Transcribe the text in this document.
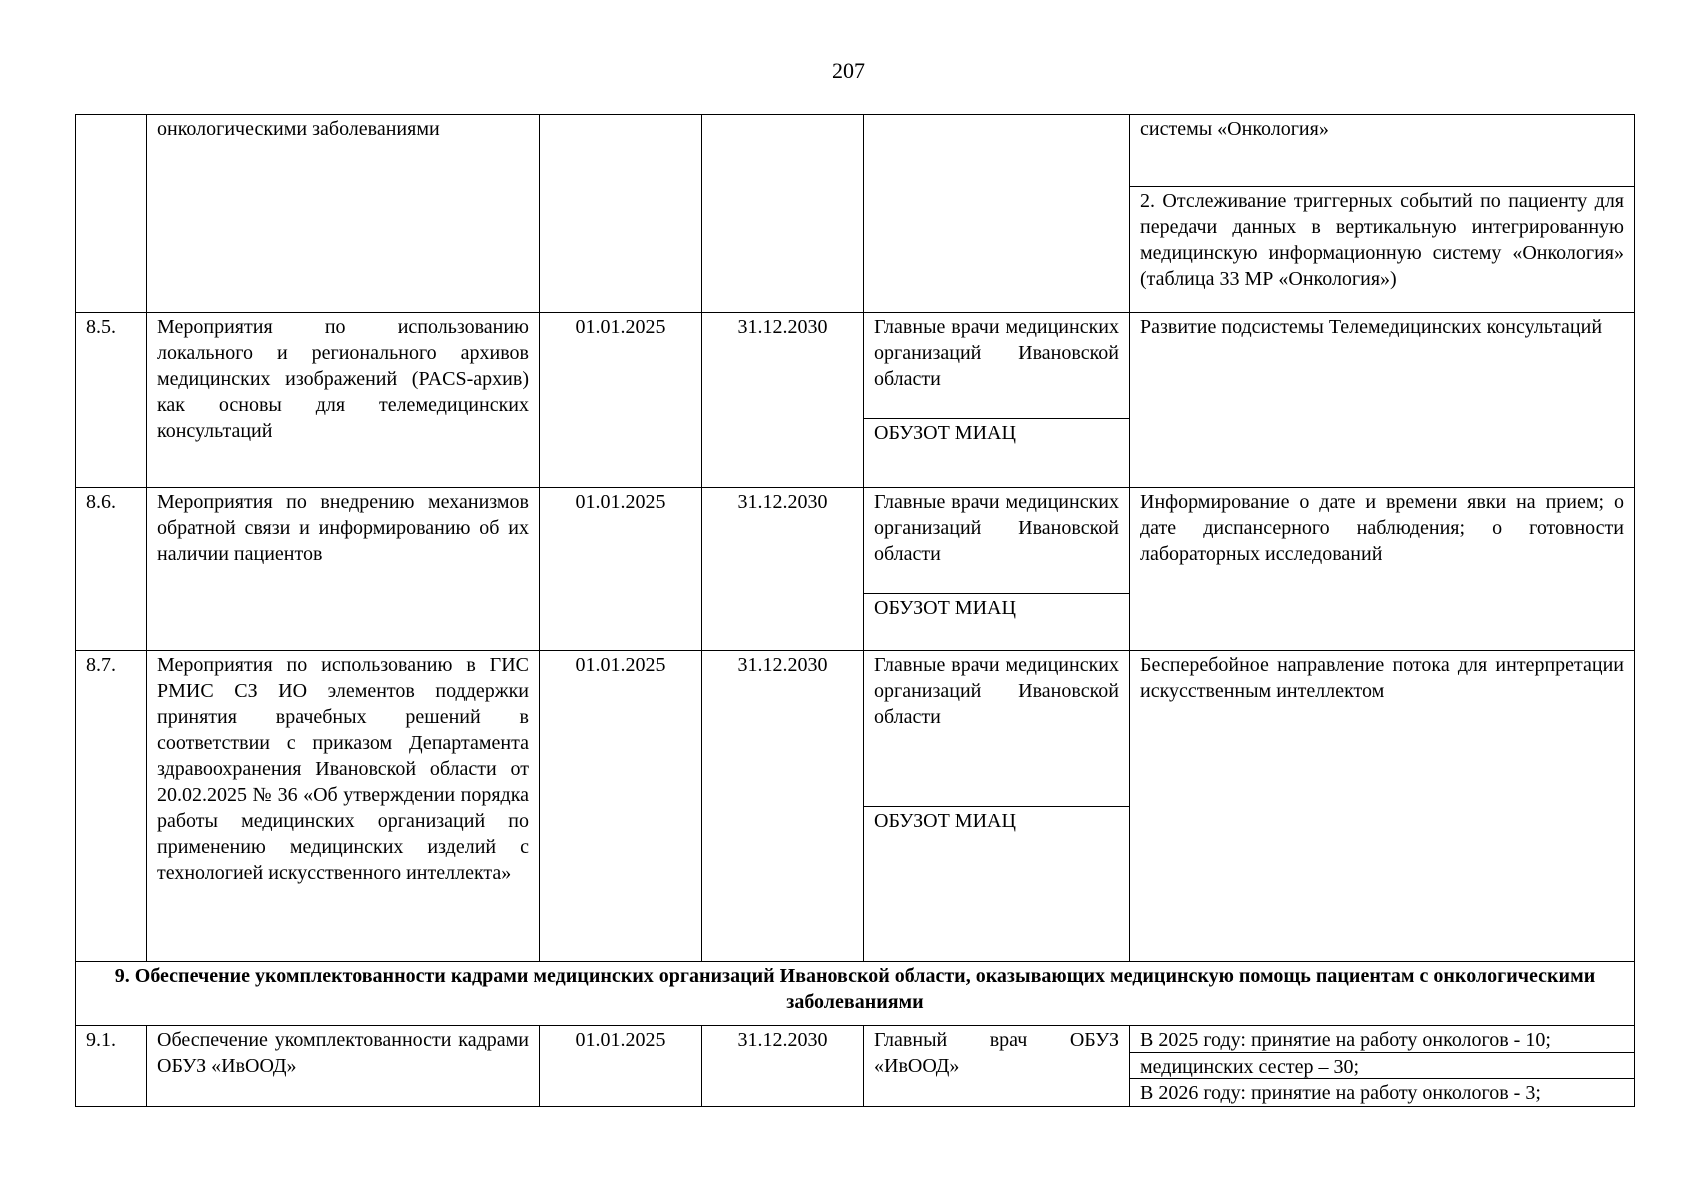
207
	онкологическими заболеваниями				системы «Онкология»
2. Отслеживание триггерных событий по пациенту для передачи данных в вертикальную интегрированную медицинскую информационную систему «Онкология» (таблица 33 МР «Онкология»)

8.5.	Мероприятия по использованию локального и регионального архивов медицинских изображений (PACS-архив) как основы для телемедицинских консультаций	01.01.2025	31.12.2030	Главные врачи медицинских организаций Ивановской области
ОБУЗОТ МИАЦ	Развитие подсистемы Телемедицинских консультаций
8.6.	Мероприятия по внедрению механизмов обратной связи и информированию об их наличии пациентов	01.01.2025	31.12.2030	Главные врачи медицинских организаций Ивановской области
ОБУЗОТ МИАЦ	Информирование о дате и времени явки на прием; о дате диспансерного наблюдения; о готовности лабораторных исследований
8.7.	Мероприятия по использованию в ГИС РМИС СЗ ИО элементов поддержки принятия врачебных решений в соответствии с приказом Департамента здравоохранения Ивановской области от 20.02.2025 № 36 «Об утверждении порядка работы медицинских организаций по применению медицинских изделий с технологией искусственного интеллекта»	01.01.2025	31.12.2030	Главные врачи медицинских организаций Ивановской области
ОБУЗОТ МИАЦ	Бесперебойное направление потока для интерпретации искусственным интеллектом
9. Обеспечение укомплектованности кадрами медицинских организаций Ивановской области, оказывающих медицинскую помощь пациентам с онкологическими заболеваниями					
9.1.	Обеспечение укомплектованности кадрами ОБУЗ «ИвООД»	01.01.2025	31.12.2030	Главный врач ОБУЗ «ИвООД»	В 2025 году: принятие на работу онкологов - 10;
медицинских сестер – 30;
В 2026 году: принятие на работу онкологов - 3;
